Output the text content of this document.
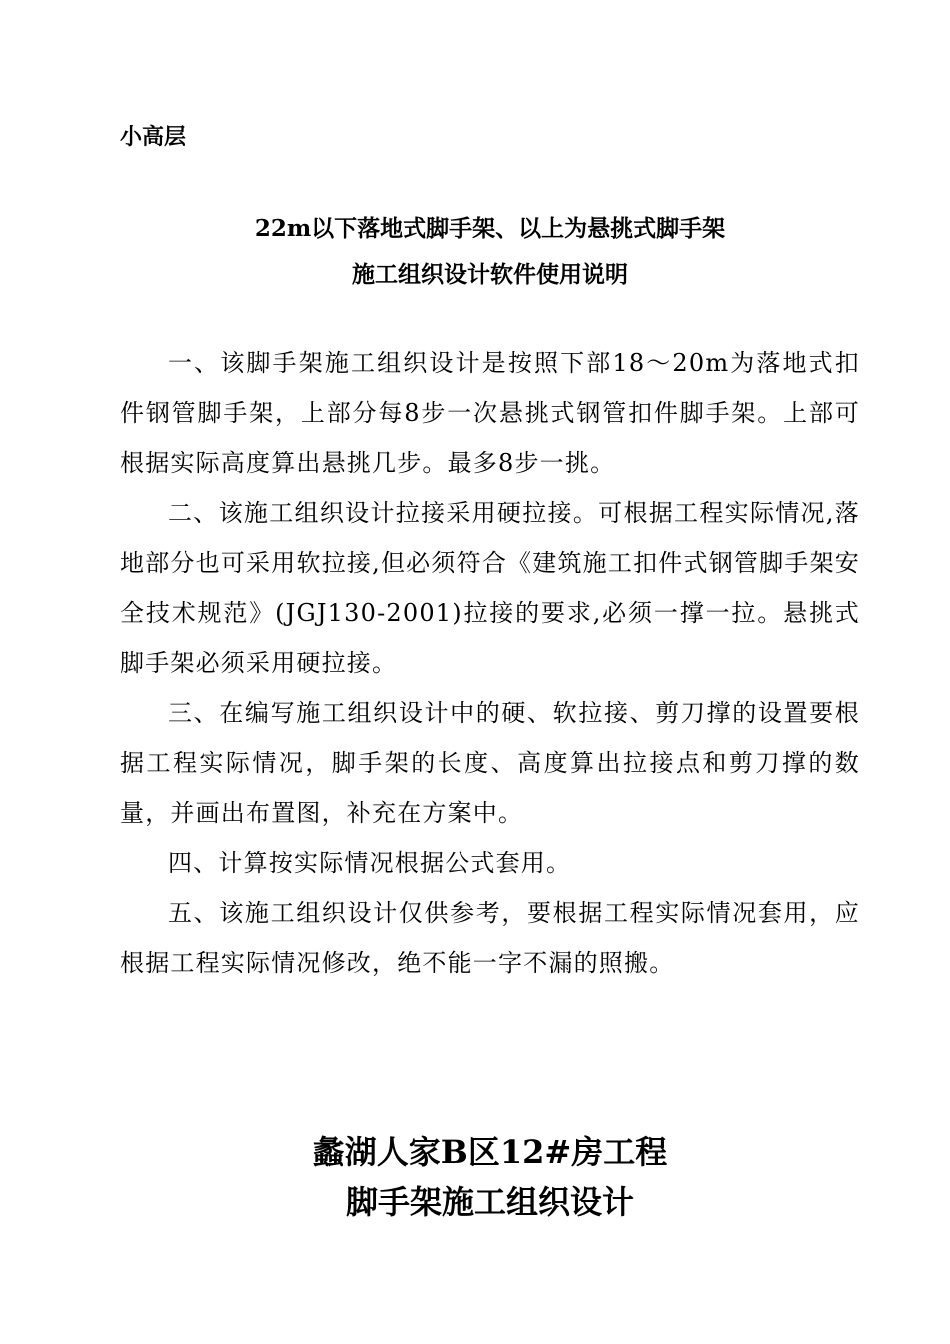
小高层
22m以下落地式脚手架、以上为悬挑式脚手架
施工组织设计软件使用说明

一、该脚手架施工组织设计是按照下部18～20m为落地式扣件钢管脚手架，上部分每8步一次悬挑式钢管扣件脚手架。上部可根据实际高度算出悬挑几步。最多8步一挑。

二、该施工组织设计拉接采用硬拉接。可根据工程实际情况,落地部分也可采用软拉接,但必须符合《建筑施工扣件式钢管脚手架安全技术规范》(JGJ130-2001)拉接的要求,必须一撑一拉。悬挑式脚手架必须采用硬拉接。

三、在编写施工组织设计中的硬、软拉接、剪刀撑的设置要根据工程实际情况，脚手架的长度、高度算出拉接点和剪刀撑的数量，并画出布置图，补充在方案中。

四、计算按实际情况根据公式套用。

五、该施工组织设计仅供参考，要根据工程实际情况套用，应根据工程实际情况修改，绝不能一字不漏的照搬。

蠡湖人家B区12#房工程
脚手架施工组织设计
